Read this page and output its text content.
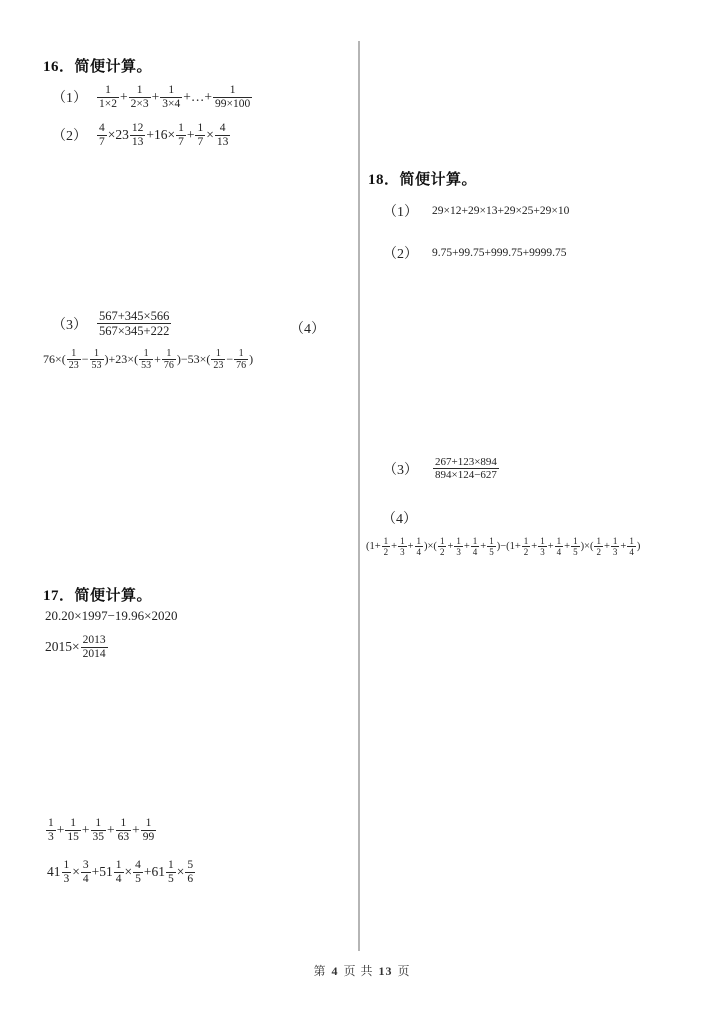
16．简便计算。
$(1) \frac{1}{1\times 2} + \frac{1}{2\times 3} + \frac{1}{3\times 4}$ +…+ $\frac{1}{99\times 100}$
$(2) \frac{4}{7} \times 23 \frac{12}{13} +16\times \frac{1}{7} + \frac{1}{7} \times \frac{4}{13}$
$(3) \frac{567+345\times 566}{567\times 345+222}$	（4）
$76\times( \frac{1}{23} - \frac{1}{53} )+23\times( \frac{1}{53} + \frac{1}{76} )-53\times( \frac{1}{23} - \frac{1}{76}$ )
17．简便计算。
20.20×1997−19.96×2020
$2015\times \frac{2013}{2014}$
$\frac{1}{3} + \frac{1}{15} + \frac{1}{35} + \frac{1}{63} + \frac{1}{99}$
$41 \frac{1}{3} \times \frac{3}{4} +51 \frac{1}{4} \times \frac{4}{5} +61 \frac{1}{5} \times \frac{5}{6}$
18．简便计算。
（1） 29×12+29×13+29×25+29×10
（2） 9.75+99.75+999.75+9999.75
$(3) \frac{267+123\times 894}{894\times 124-627}$
（4）
($1+ \frac{1}{2} + \frac{1}{3} + \frac{1}{4}$ )×( $\frac{1}{2} + \frac{1}{3} + \frac{1}{4} + \frac{1}{5} )-(1+ \frac{1}{2} + \frac{1}{3} + \frac{1}{4} + \frac{1}{5}$ )×( $\frac{1}{2} + \frac{1}{3} + \frac{1}{4}$ )
第 4 页 共 13 页
